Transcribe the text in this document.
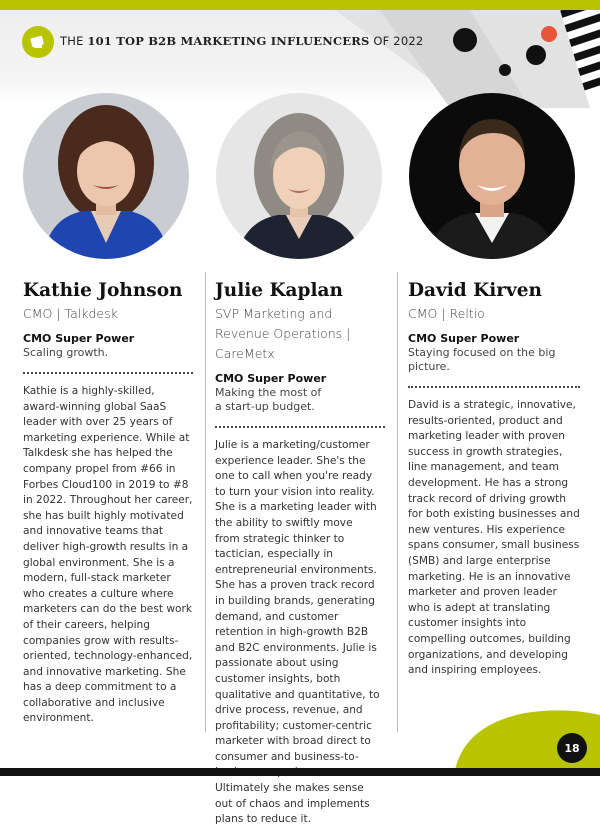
THE 101 TOP B2B MARKETING INFLUENCERS OF 2022
Kathie Johnson
CMO | Talkdesk
CMO Super Power
Scaling growth.
Kathie is a highly-skilled, award-winning global SaaS leader with over 25 years of marketing experience. While at Talkdesk she has helped the company propel from #66 in Forbes Cloud100 in 2019 to #8 in 2022. Throughout her career, she has built highly motivated and innovative teams that deliver high-growth results in a global environment. She is a modern, full-stack marketer who creates a culture where marketers can do the best work of their careers, helping companies grow with results-oriented, technology-enhanced, and innovative marketing. She has a deep commitment to a collaborative and inclusive environment.
Julie Kaplan
SVP Marketing and Revenue Operations | CareMetx
CMO Super Power
Making the most of a start-up budget.
Julie is a marketing/customer experience leader. She's the one to call when you're ready to turn your vision into reality. She is a marketing leader with the ability to swiftly move from strategic thinker to tactician, especially in entrepreneurial environments. She has a proven track record in building brands, generating demand, and customer retention in high-growth B2B and B2C environments. Julie is passionate about using customer insights, both qualitative and quantitative, to drive process, revenue, and profitability; customer-centric marketer with broad direct to consumer and business-to- Ultimately she makes sense out of chaos and implements plans to reduce it.
David Kirven
CMO | Reltio
CMO Super Power
Staying focused on the big picture.
David is a strategic, innovative, results-oriented, product and marketing leader with proven success in growth strategies, line management, and team development. He has a strong track record of driving growth for both existing businesses and new ventures. His experience spans consumer, small business (SMB) and large enterprise marketing. He is an innovative marketer and proven leader who is adept at translating customer insights into compelling outcomes, building organizations, and developing and inspiring employees.
18
